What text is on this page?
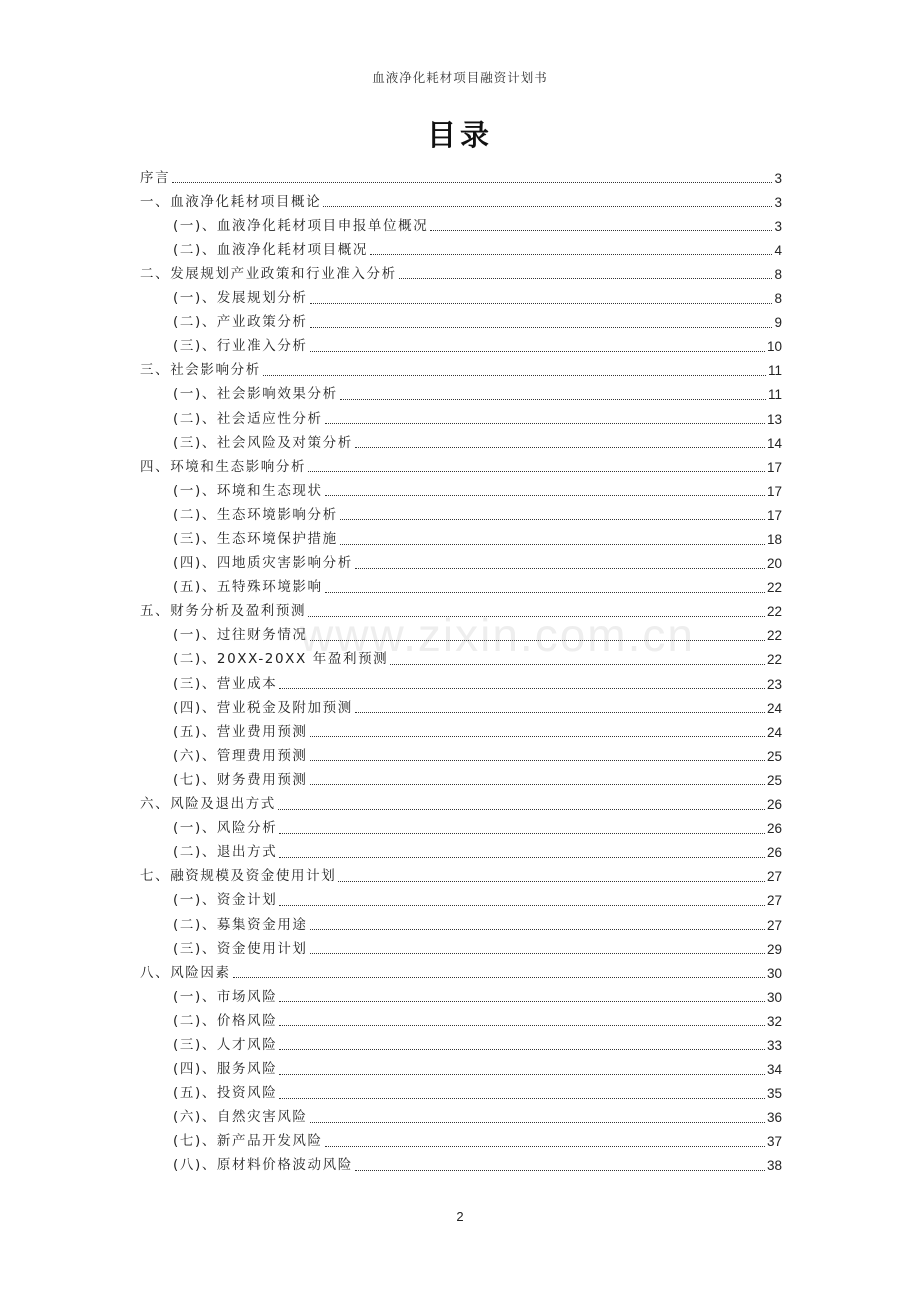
血液净化耗材项目融资计划书
目录
www.zixin.com.cn
序言	3
一、血液净化耗材项目概论	3
(一)、血液净化耗材项目申报单位概况	3
(二)、血液净化耗材项目概况	4
二、发展规划产业政策和行业准入分析	8
(一)、发展规划分析	8
(二)、产业政策分析	9
(三)、行业准入分析	10
三、社会影响分析	11
(一)、社会影响效果分析	11
(二)、社会适应性分析	13
(三)、社会风险及对策分析	14
四、环境和生态影响分析	17
(一)、环境和生态现状	17
(二)、生态环境影响分析	17
(三)、生态环境保护措施	18
(四)、四地质灾害影响分析	20
(五)、五特殊环境影响	22
五、财务分析及盈利预测	22
(一)、过往财务情况	22
(二)、20XX-20XX 年盈利预测	22
(三)、营业成本	23
(四)、营业税金及附加预测	24
(五)、营业费用预测	24
(六)、管理费用预测	25
(七)、财务费用预测	25
六、风险及退出方式	26
(一)、风险分析	26
(二)、退出方式	26
七、融资规模及资金使用计划	27
(一)、资金计划	27
(二)、募集资金用途	27
(三)、资金使用计划	29
八、风险因素	30
(一)、市场风险	30
(二)、价格风险	32
(三)、人才风险	33
(四)、服务风险	34
(五)、投资风险	35
(六)、自然灾害风险	36
(七)、新产品开发风险	37
(八)、原材料价格波动风险	38
2
